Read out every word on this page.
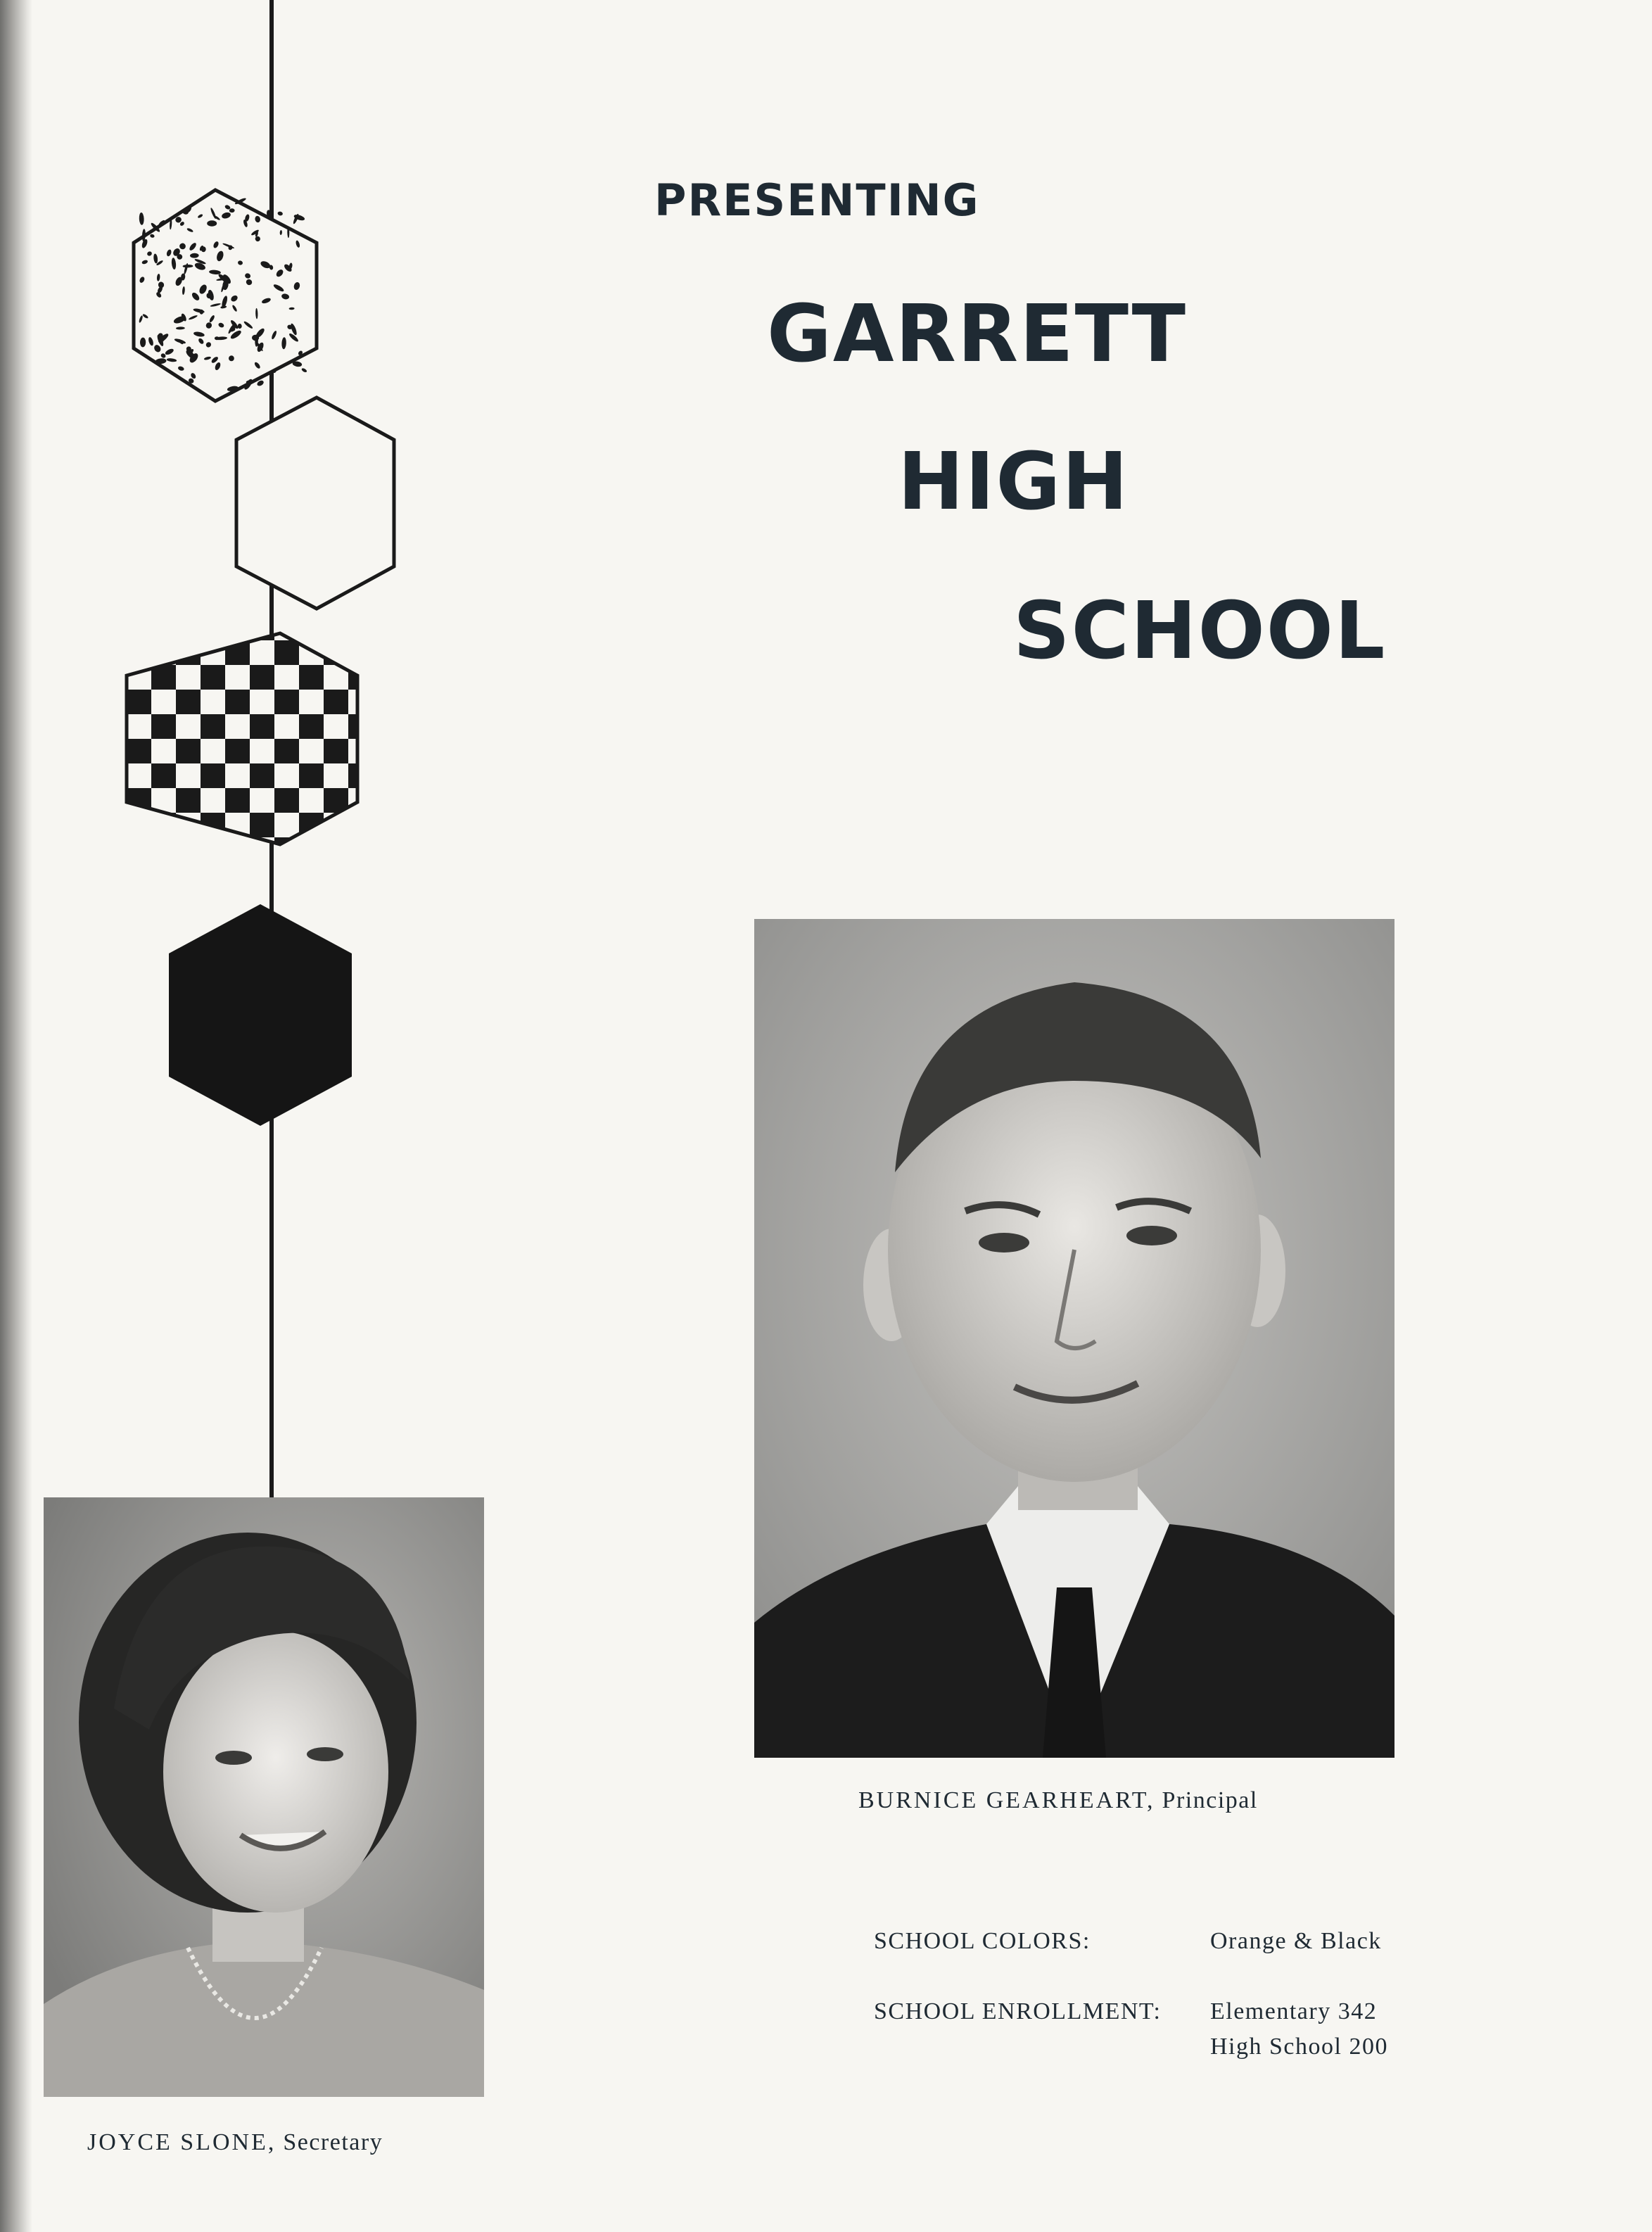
PRESENTING
GARRETT
HIGH
SCHOOL
BURNICE GEARHEART, Principal
JOYCE SLONE, Secretary
SCHOOL COLORS:	Orange & Black
SCHOOL ENROLLMENT: Elementary 342
High School 200
